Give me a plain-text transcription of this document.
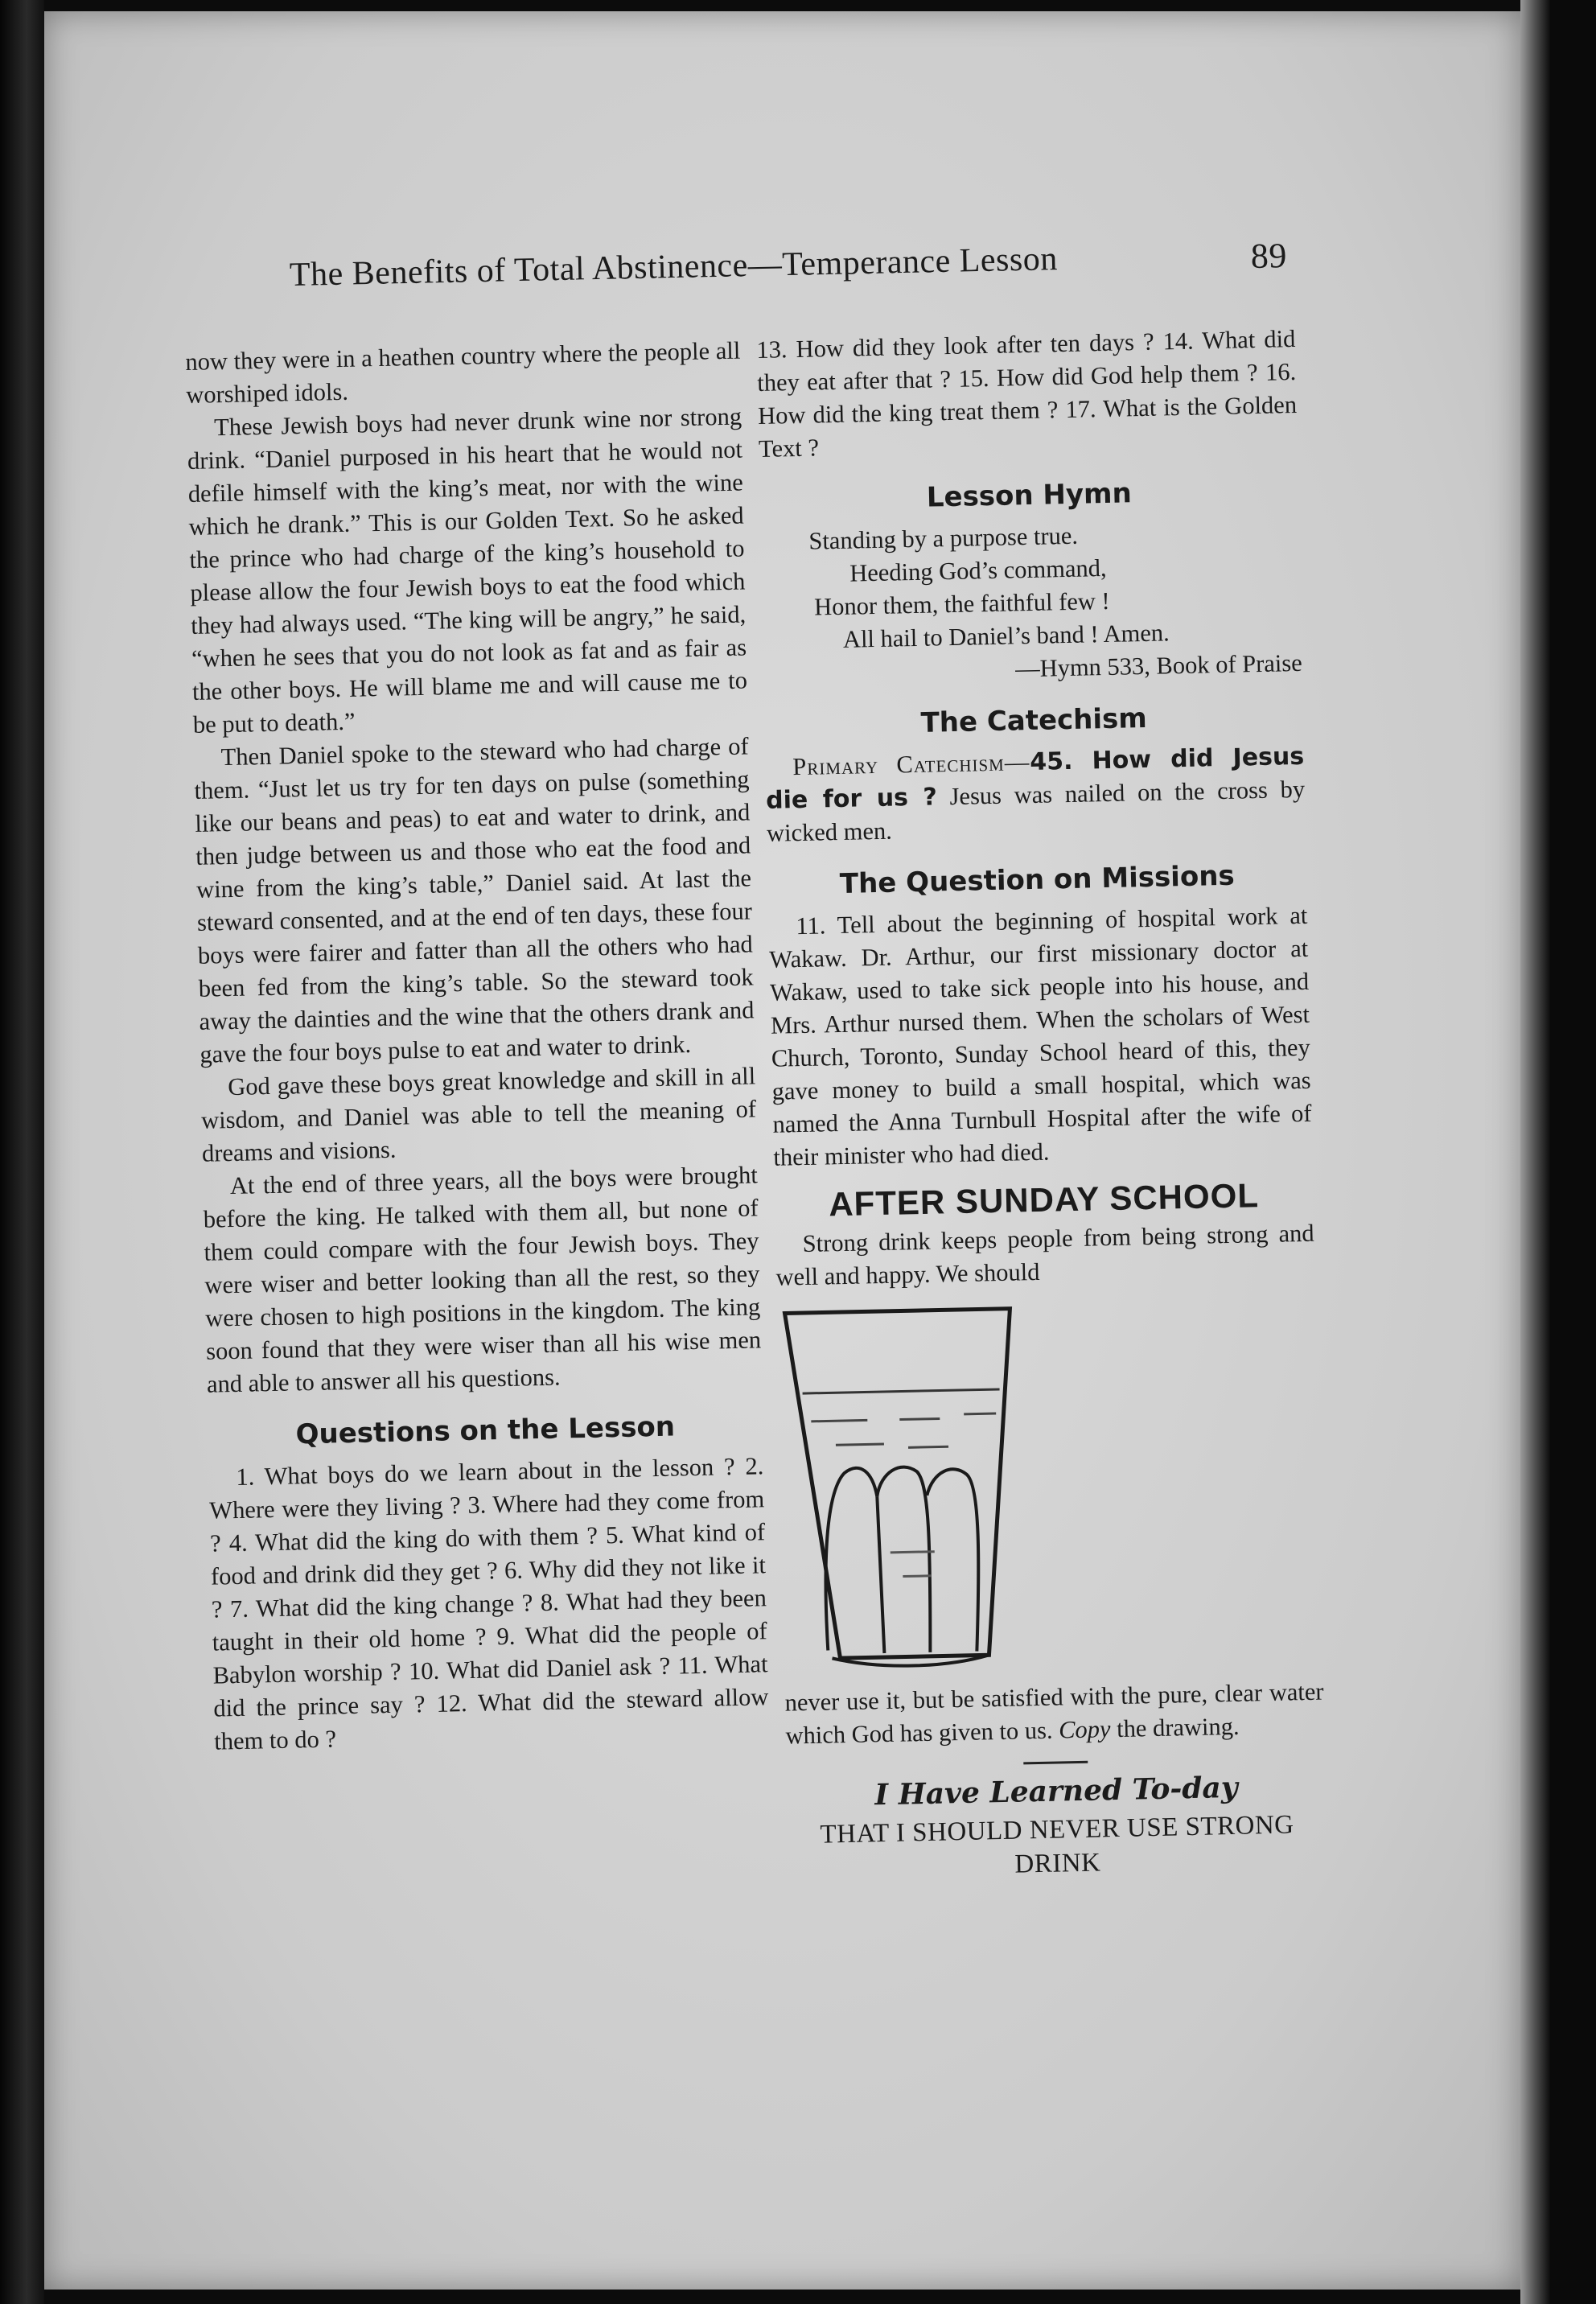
The Benefits of Total Abstinence—Temperance Lesson	89

now they were in a heathen country where the people all worshiped idols.

These Jewish boys had never drunk wine nor strong drink. “Daniel purposed in his heart that he would not defile himself with the king’s meat, nor with the wine which he drank.” This is our Golden Text. So he asked the prince who had charge of the king’s household to please allow the four Jewish boys to eat the food which they had always used. “The king will be angry,” he said, “when he sees that you do not look as fat and as fair as the other boys. He will blame me and will cause me to be put to death.”

Then Daniel spoke to the steward who had charge of them. “Just let us try for ten days on pulse (something like our beans and peas) to eat and water to drink, and then judge between us and those who eat the food and wine from the king’s table,” Daniel said. At last the steward consented, and at the end of ten days, these four boys were fairer and fatter than all the others who had been fed from the king’s table. So the steward took away the dainties and the wine that the others drank and gave the four boys pulse to eat and water to drink.

God gave these boys great knowledge and skill in all wisdom, and Daniel was able to tell the meaning of dreams and visions.

At the end of three years, all the boys were brought before the king. He talked with them all, but none of them could compare with the four Jewish boys. They were wiser and better looking than all the rest, so they were chosen to high positions in the kingdom. The king soon found that they were wiser than all his wise men and able to answer all his questions.

Questions on the Lesson

1. What boys do we learn about in the lesson ? 2. Where were they living ? 3. Where had they come from ? 4. What did the king do with them ? 5. What kind of food and drink did they get ? 6. Why did they not like it ? 7. What did the king change ? 8. What had they been taught in their old home ? 9. What did the people of Babylon worship ? 10. What did Daniel ask ? 11. What did the prince say ? 12. What did the steward allow them to do ?

13. How did they look after ten days ? 14. What did they eat after that ? 15. How did God help them ? 16. How did the king treat them ? 17. What is the Golden Text ?

Lesson Hymn
Standing by a purpose true.
Heeding God’s command,
Honor them, the faithful few !
All hail to Daniel’s band ! Amen.
—Hymn 533, Book of Praise
The Catechism

Primary Catechism—45. How did Jesus die for us ? Jesus was nailed on the cross by wicked men.

The Question on Missions

11. Tell about the beginning of hospital work at Wakaw. Dr. Arthur, our first missionary doctor at Wakaw, used to take sick people into his house, and Mrs. Arthur nursed them. When the scholars of West Church, Toronto, Sunday School heard of this, they gave money to build a small hospital, which was named the Anna Turnbull Hospital after the wife of their minister who had died.

AFTER SUNDAY SCHOOL

Strong drink keeps people from being strong and well and happy. We should

never use it, but be satisfied with the pure, clear water which God has given to us. Copy the drawing.

I Have Learned To-day
THAT I SHOULD NEVER USE STRONG DRINK
